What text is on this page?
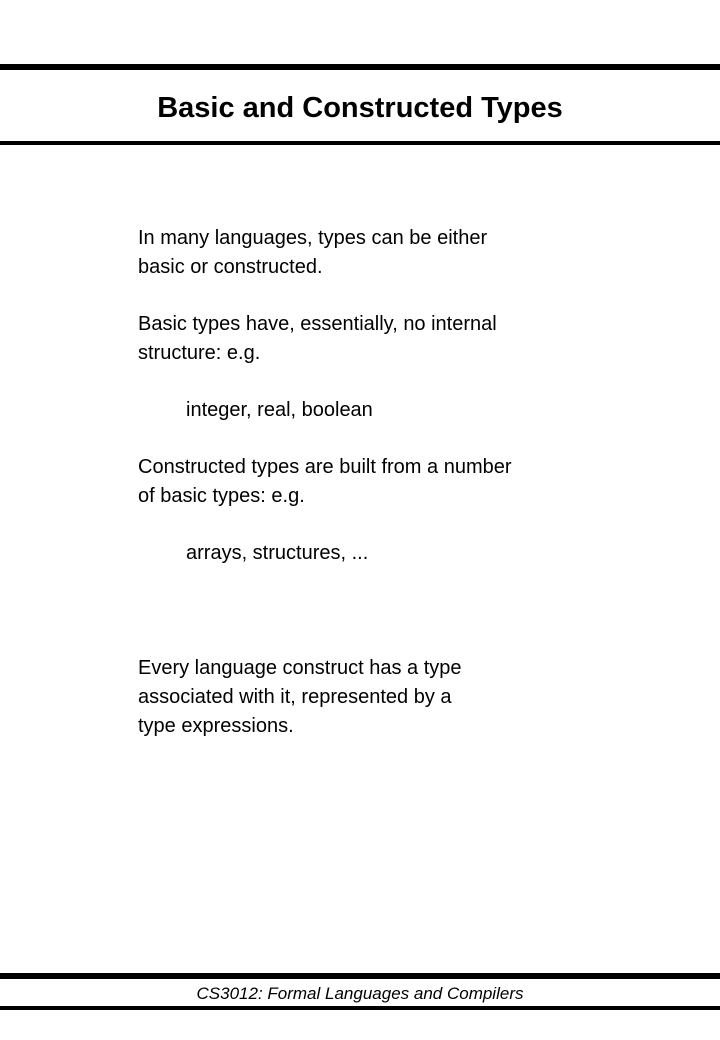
Basic and Constructed Types
In many languages, types can be either
basic or constructed.
Basic types have, essentially, no internal
structure: e.g.
integer, real, boolean
Constructed types are built from a number
of basic types: e.g.
arrays, structures, ...
Every language construct has a type
associated with it, represented by a
type expressions.
CS3012: Formal Languages and Compilers
